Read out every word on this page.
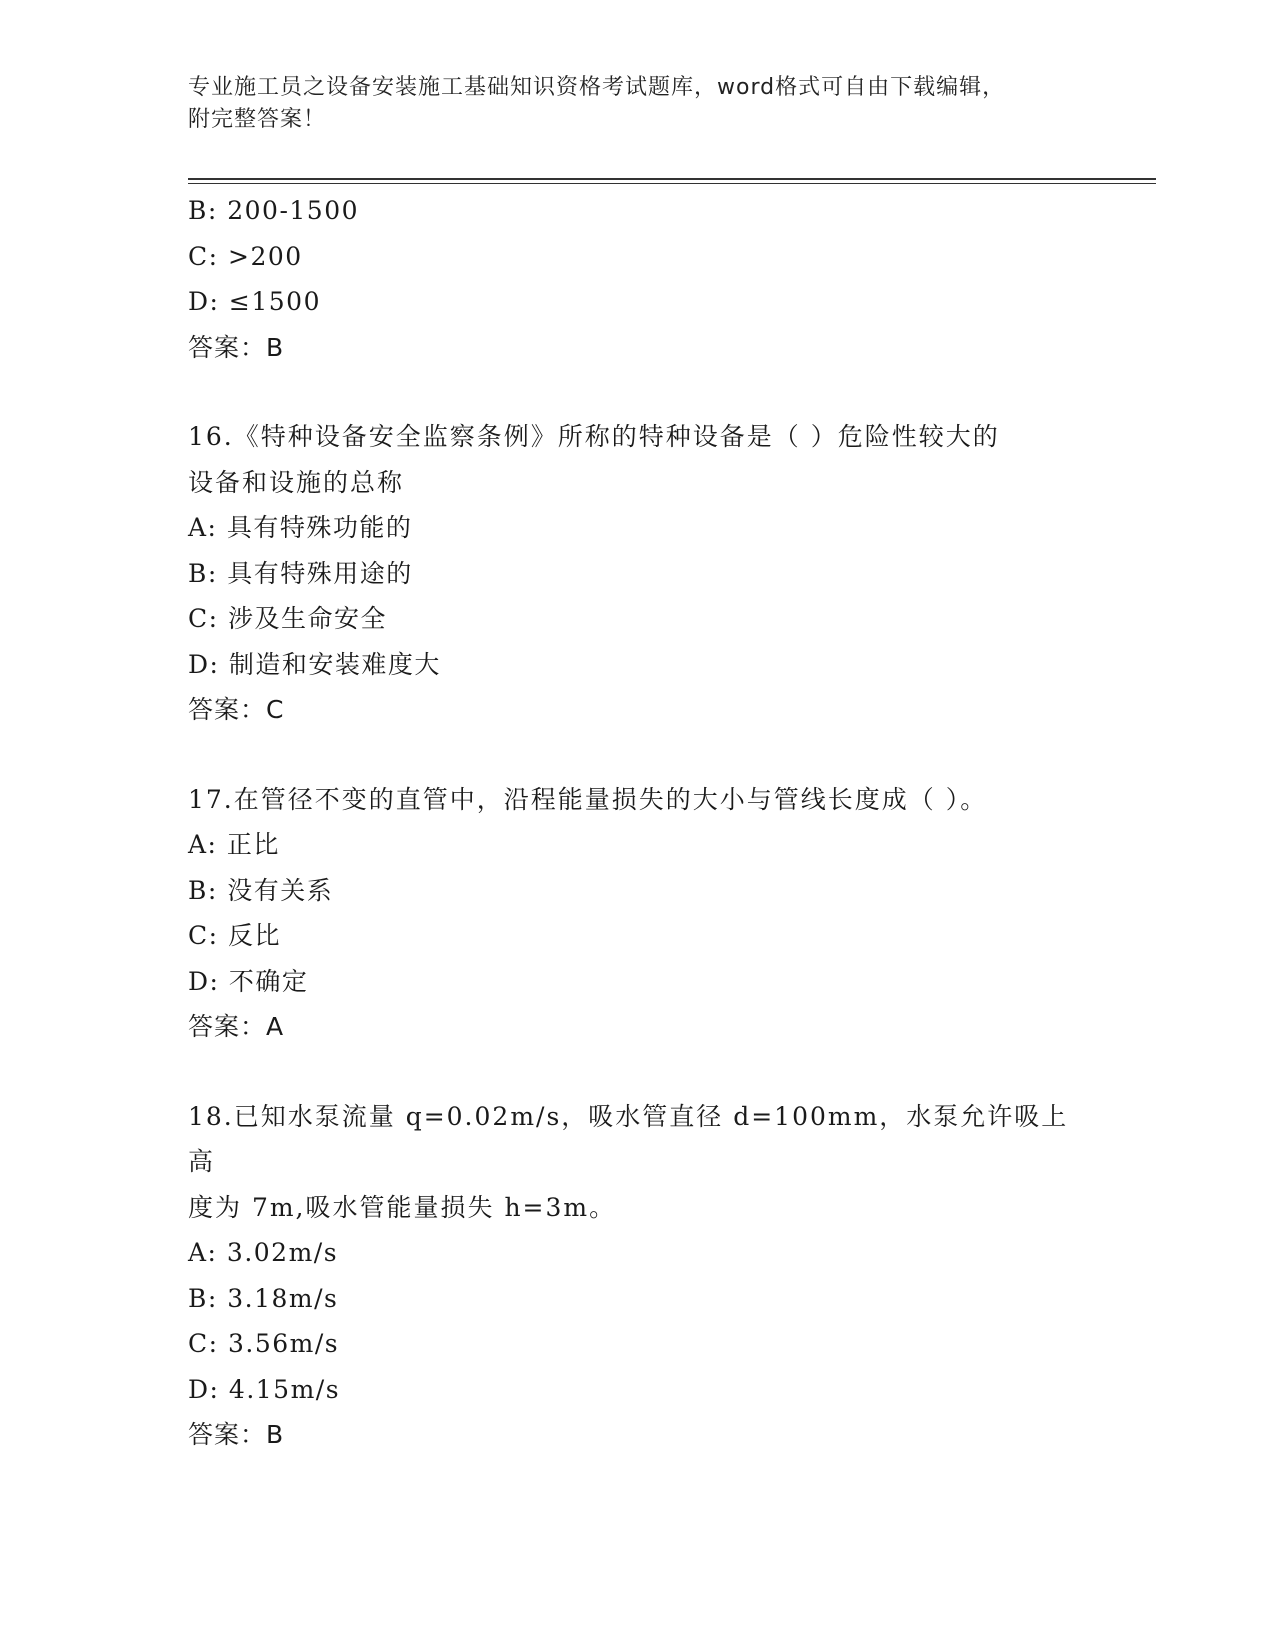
专业施工员之设备安装施工基础知识资格考试题库，word格式可自由下载编辑，
附完整答案！
B: 200-1500
C: >200
D: ≤1500
答案：B
16.《特种设备安全监察条例》所称的特种设备是（ ）危险性较大的
设备和设施的总称
A: 具有特殊功能的
B: 具有特殊用途的
C: 涉及生命安全
D: 制造和安装难度大
答案：C
17.在管径不变的直管中，沿程能量损失的大小与管线长度成（ ）。
A: 正比
B: 没有关系
C: 反比
D: 不确定
答案：A
18.已知水泵流量 q=0.02m/s，吸水管直径 d=100mm，水泵允许吸上高
度为 7m,吸水管能量损失 h=3m。
A: 3.02m/s
B: 3.18m/s
C: 3.56m/s
D: 4.15m/s
答案：B
